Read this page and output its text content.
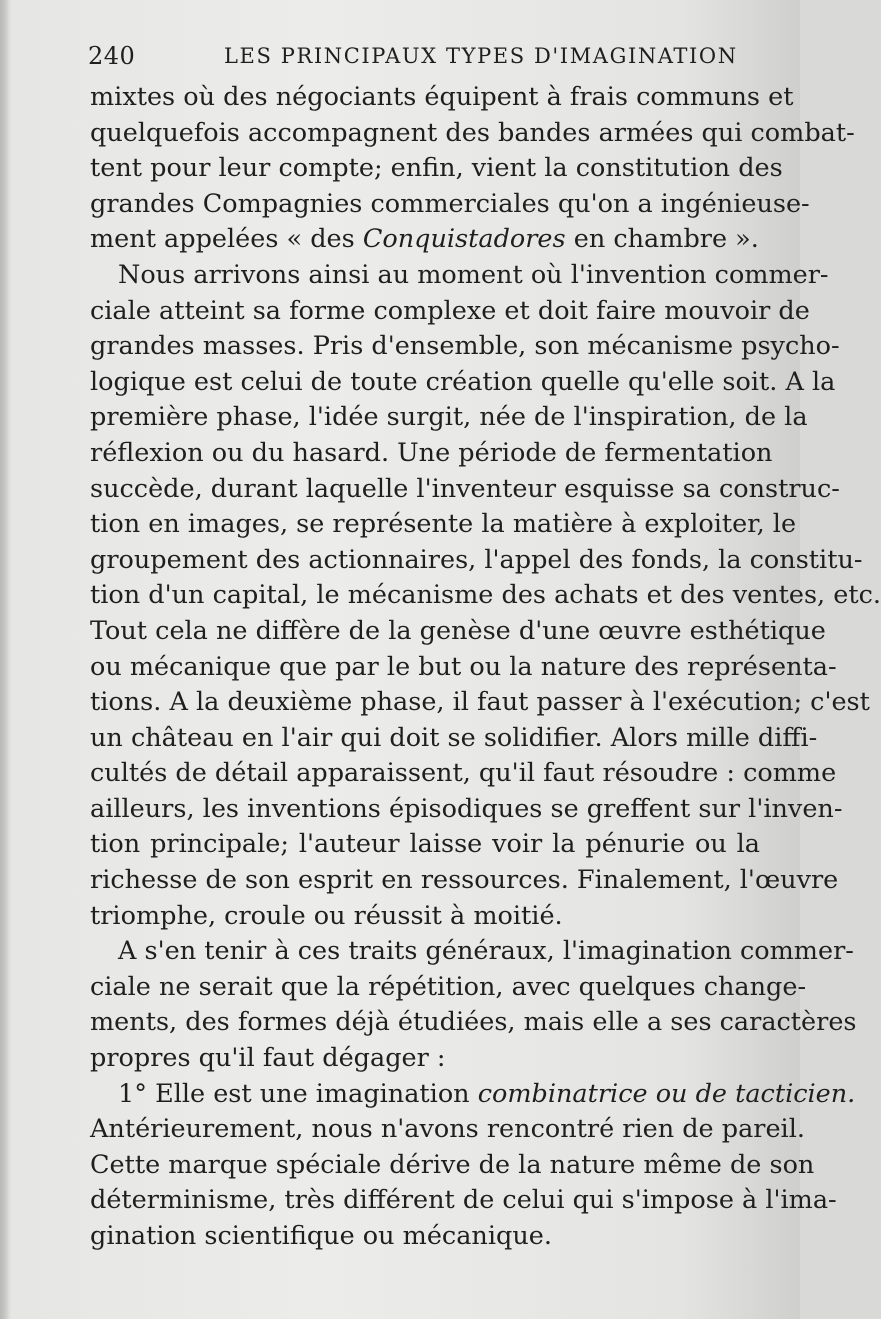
240	LES PRINCIPAUX TYPES D'IMAGINATION
mixtes où des négociants équipent à frais communs et
quelquefois accompagnent des bandes armées qui combat-
tent pour leur compte; enfin, vient la constitution des
grandes Compagnies commerciales qu'on a ingénieuse-
ment appelées « des Conquistadores en chambre ».
Nous arrivons ainsi au moment où l'invention commer-
ciale atteint sa forme complexe et doit faire mouvoir de
grandes masses. Pris d'ensemble, son mécanisme psycho-
logique est celui de toute création quelle qu'elle soit. A la
première phase, l'idée surgit, née de l'inspiration, de la
réflexion ou du hasard. Une période de fermentation
succède, durant laquelle l'inventeur esquisse sa construc-
tion en images, se représente la matière à exploiter, le
groupement des actionnaires, l'appel des fonds, la constitu-
tion d'un capital, le mécanisme des achats et des ventes, etc.
Tout cela ne diffère de la genèse d'une œuvre esthétique
ou mécanique que par le but ou la nature des représenta-
tions. A la deuxième phase, il faut passer à l'exécution; c'est
un château en l'air qui doit se solidifier. Alors mille diffi-
cultés de détail apparaissent, qu'il faut résoudre : comme
ailleurs, les inventions épisodiques se greffent sur l'inven-
tion principale; l'auteur laisse voir la pénurie ou la
richesse de son esprit en ressources. Finalement, l'œuvre
triomphe, croule ou réussit à moitié.
A s'en tenir à ces traits généraux, l'imagination commer-
ciale ne serait que la répétition, avec quelques change-
ments, des formes déjà étudiées, mais elle a ses caractères
propres qu'il faut dégager :
1° Elle est une imagination combinatrice ou de tacticien.
Antérieurement, nous n'avons rencontré rien de pareil.
Cette marque spéciale dérive de la nature même de son
déterminisme, très différent de celui qui s'impose à l'ima-
gination scientifique ou mécanique.
